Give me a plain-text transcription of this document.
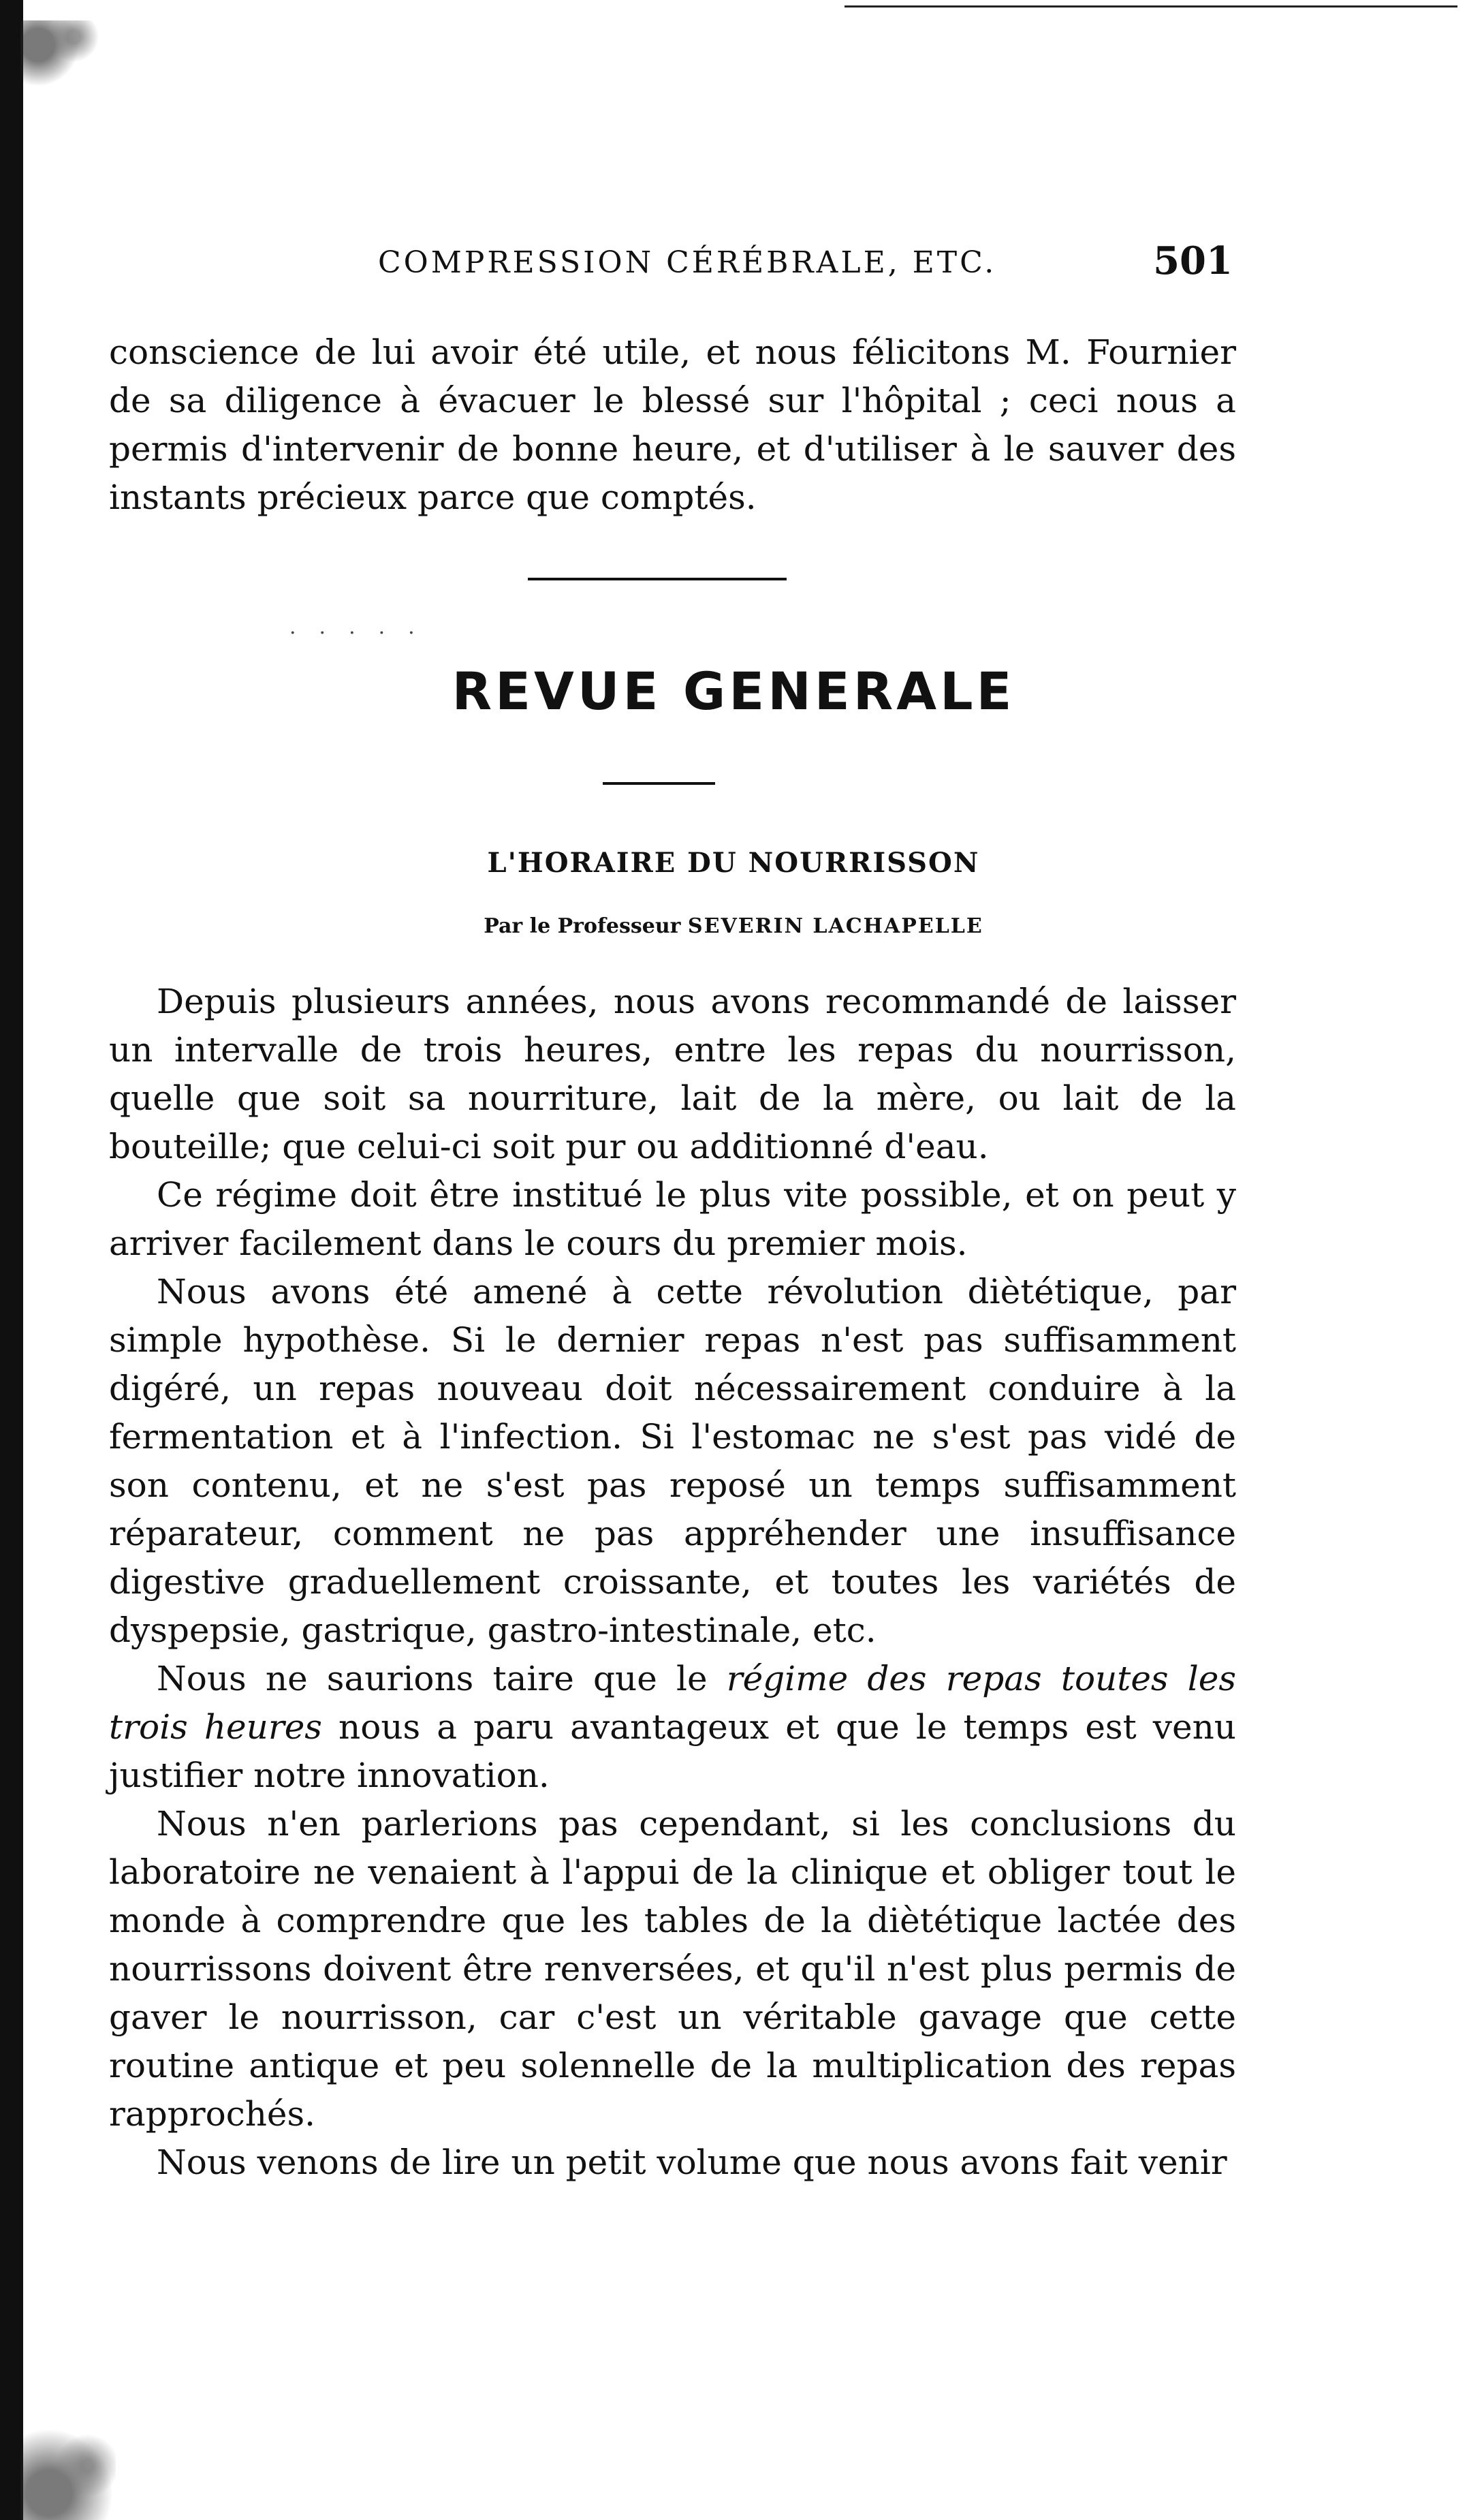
COMPRESSION CÉRÉBRALE, ETC.	501

conscience de lui avoir été utile, et nous félicitons M. Fournier de sa diligence à évacuer le blessé sur l'hôpital ; ceci nous a permis d'intervenir de bonne heure, et d'utiliser à le sauver des instants précieux parce que comptés.

·····
REVUE GENERALE
L'HORAIRE DU NOURRISSON
Par le Professeur SEVERIN LACHAPELLE

Depuis plusieurs années, nous avons recommandé de laisser un intervalle de trois heures, entre les repas du nourrisson, quelle que soit sa nourriture, lait de la mère, ou lait de la bouteille; que celui-ci soit pur ou additionné d'eau.

Ce régime doit être institué le plus vite possible, et on peut y arriver facilement dans le cours du premier mois.

Nous avons été amené à cette révolution diètétique, par simple hypothèse. Si le dernier repas n'est pas suffisamment digéré, un repas nouveau doit nécessairement conduire à la fermentation et à l'infection. Si l'estomac ne s'est pas vidé de son contenu, et ne s'est pas reposé un temps suffisamment réparateur, comment ne pas appréhender une insuffisance digestive graduellement croissante, et toutes les variétés de dyspepsie, gastrique, gastro-intestinale, etc.

Nous ne saurions taire que le régime des repas toutes les trois heures nous a paru avantageux et que le temps est venu justifier notre innovation.

Nous n'en parlerions pas cependant, si les conclusions du laboratoire ne venaient à l'appui de la clinique et obliger tout le monde à comprendre que les tables de la diètétique lactée des nourrissons doivent être renversées, et qu'il n'est plus permis de gaver le nourrisson, car c'est un véritable gavage que cette routine antique et peu solennelle de la multiplication des repas rapprochés.

Nous venons de lire un petit volume que nous avons fait venir
